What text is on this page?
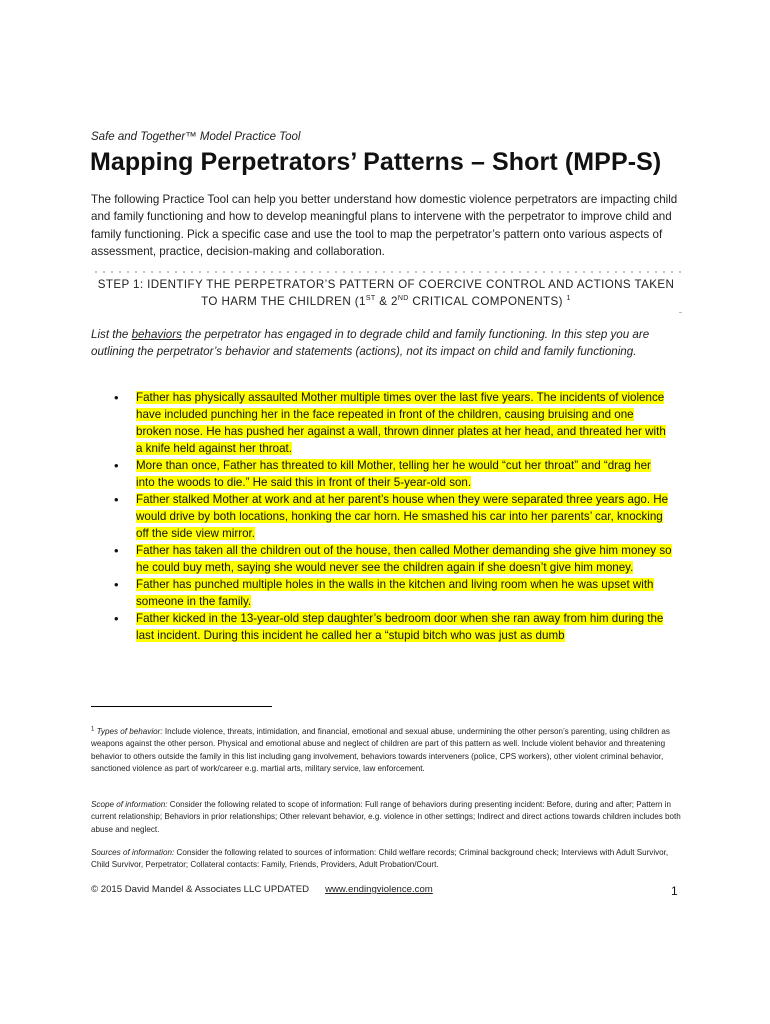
Safe and Together™ Model Practice Tool
Mapping Perpetrators’ Patterns – Short (MPP-S)
The following Practice Tool can help you better understand how domestic violence perpetrators are impacting child and family functioning and how to develop meaningful plans to intervene with the perpetrator to improve child and family functioning. Pick a specific case and use the tool to map the perpetrator’s pattern onto various aspects of assessment, practice, decision-making and collaboration.
STEP 1: IDENTIFY THE PERPETRATOR’S PATTERN OF COERCIVE CONTROL AND ACTIONS TAKEN
TO HARM THE CHILDREN (1ST & 2ND CRITICAL COMPONENTS) $^1$
List the behaviors the perpetrator has engaged in to degrade child and family functioning. In this step you are outlining the perpetrator’s behavior and statements (actions), not its impact on child and family functioning.
• Father has physically assaulted Mother multiple times over the last five years. The incidents of violence have included punching her in the face repeated in front of the children, causing bruising and one broken nose. He has pushed her against a wall, thrown dinner plates at her head, and threated her with a knife held against her throat.
• More than once, Father has threated to kill Mother, telling her he would “cut her throat” and “drag her into the woods to die.” He said this in front of their 5-year-old son.
• Father stalked Mother at work and at her parent’s house when they were separated three years ago. He would drive by both locations, honking the car horn. He smashed his car into her parents’ car, knocking off the side view mirror.
• Father has taken all the children out of the house, then called Mother demanding she give him money so he could buy meth, saying she would never see the children again if she doesn’t give him money.
• Father has punched multiple holes in the walls in the kitchen and living room when he was upset with someone in the family.
• Father kicked in the 13-year-old step daughter’s bedroom door when she ran away from him during the last incident. During this incident he called her a “stupid bitch who was just as dumb
$^1$ Types of behavior: Include violence, threats, intimidation, and financial, emotional and sexual abuse, undermining the other person’s parenting, using children as weapons against the other person. Physical and emotional abuse and neglect of children are part of this pattern as well. Include violent behavior and threatening behavior to others outside the family in this list including gang involvement, behaviors towards interveners (police, CPS workers), other violent criminal behavior, sanctioned violence as part of work/career e.g. martial arts, military service, law enforcement.
Scope of information: Consider the following related to scope of information: Full range of behaviors during presenting incident: Before, during and after; Pattern in current relationship; Behaviors in prior relationships; Other relevant behavior, e.g. violence in other settings; Indirect and direct actions towards children includes both abuse and neglect.
Sources of information: Consider the following related to sources of information: Child welfare records; Criminal background check; Interviews with Adult Survivor, Child Survivor, Perpetrator; Collateral contacts: Family, Friends, Providers, Adult Probation/Court.
© 2015 David Mandel & Associates LLC UPDATED www.endingviolence.com	1
